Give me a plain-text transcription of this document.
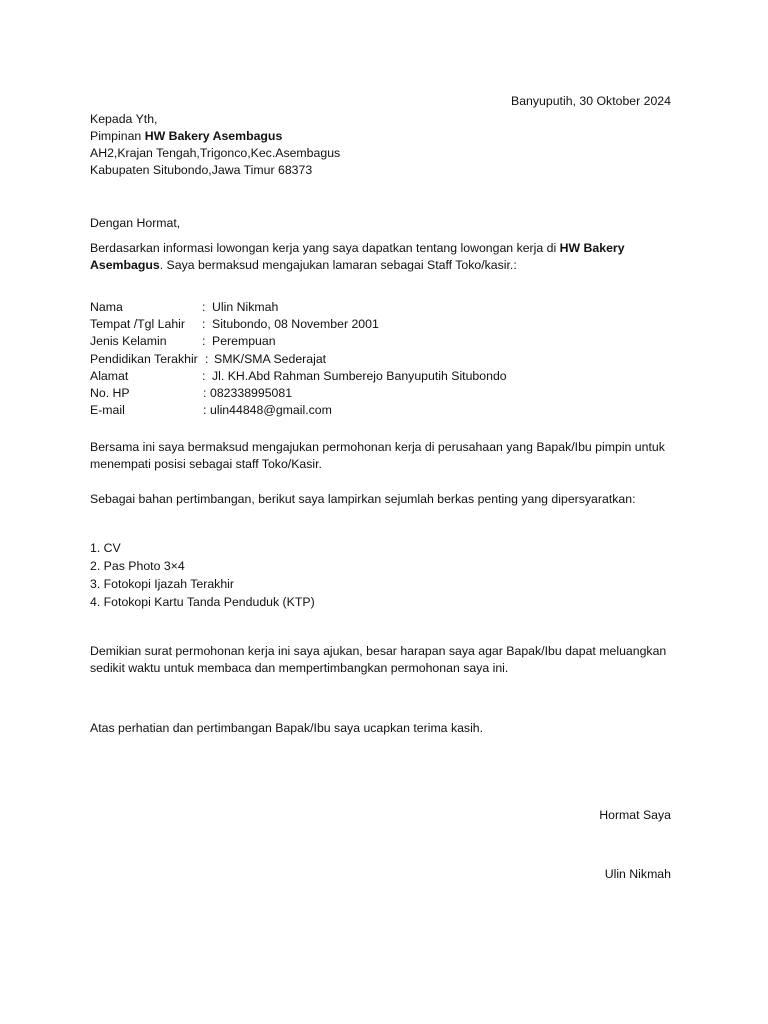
Banyuputih, 30 Oktober 2024
Kepada Yth,
Pimpinan HW Bakery Asembagus
AH2,Krajan Tengah,Trigonco,Kec.Asembagus
Kabupaten Situbondo,Jawa Timur 68373
Dengan Hormat,
Berdasarkan informasi lowongan kerja yang saya dapatkan tentang lowongan kerja di HW Bakery Asembagus. Saya bermaksud mengajukan lamaran sebagai Staff Toko/kasir.:
Nama	: Ulin Nikmah
Tempat /Tgl Lahir : Situbondo, 08 November 2001
Jenis Kelamin	: Perempuan
Pendidikan Terakhir : SMK/SMA Sederajat
Alamat	: Jl. KH.Abd Rahman Sumberejo Banyuputih Situbondo
No. HP	: 082338995081
E-mail	: ulin44848@gmail.com
Bersama ini saya bermaksud mengajukan permohonan kerja di perusahaan yang Bapak/Ibu pimpin untuk menempati posisi sebagai staff Toko/Kasir.
Sebagai bahan pertimbangan, berikut saya lampirkan sejumlah berkas penting yang dipersyaratkan:
1. CV
2. Pas Photo 3×4
3. Fotokopi Ijazah Terakhir
4. Fotokopi Kartu Tanda Penduduk (KTP)
Demikian surat permohonan kerja ini saya ajukan, besar harapan saya agar Bapak/Ibu dapat meluangkan sedikit waktu untuk membaca dan mempertimbangkan permohonan saya ini.
Atas perhatian dan pertimbangan Bapak/Ibu saya ucapkan terima kasih.
Hormat Saya
Ulin Nikmah
